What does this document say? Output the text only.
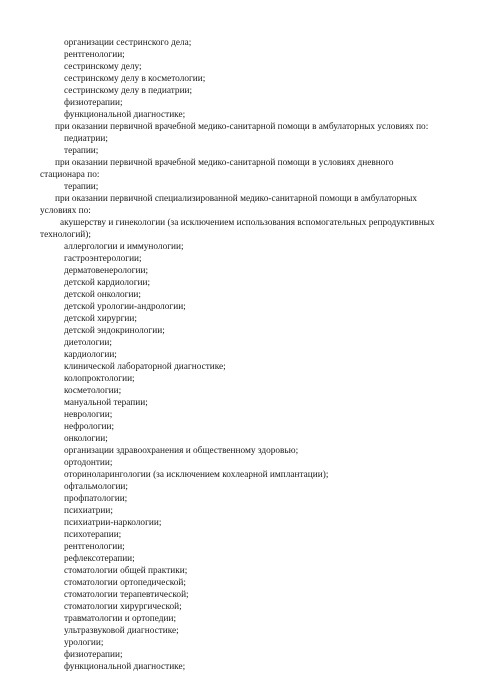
организации сестринского дела;
рентгенологии;
сестринскому делу;
сестринскому делу в косметологии;
сестринскому делу в педиатрии;
физиотерапии;
функциональной диагностике;
при оказании первичной врачебной медико-санитарной помощи в амбулаторных условиях по:
педиатрии;
терапии;
при оказании первичной врачебной медико-санитарной помощи в условиях дневного
стационара по:
терапии;
при оказании первичной специализированной медико-санитарной помощи в амбулаторных
условиях по:
акушерству и гинекологии (за исключением использования вспомогательных репродуктивных
технологий);
аллергологии и иммунологии;
гастроэнтерологии;
дерматовенерологии;
детской кардиологии;
детской онкологии;
детской урологии-андрологии;
детской хирургии;
детской эндокринологии;
диетологии;
кардиологии;
клинической лабораторной диагностике;
колопроктологии;
косметологии;
мануальной терапии;
неврологии;
нефрологии;
онкологии;
организации здравоохранения и общественному здоровью;
ортодонтии;
оториноларингологии (за исключением кохлеарной имплантации);
офтальмологии;
профпатологии;
психиатрии;
психиатрии-наркологии;
психотерапии;
рентгенологии;
рефлексотерапии;
стоматологии общей практики;
стоматологии ортопедической;
стоматологии терапевтической;
стоматологии хирургической;
травматологии и ортопедии;
ультразвуковой диагностике;
урологии;
физиотерапии;
функциональной диагностике;
